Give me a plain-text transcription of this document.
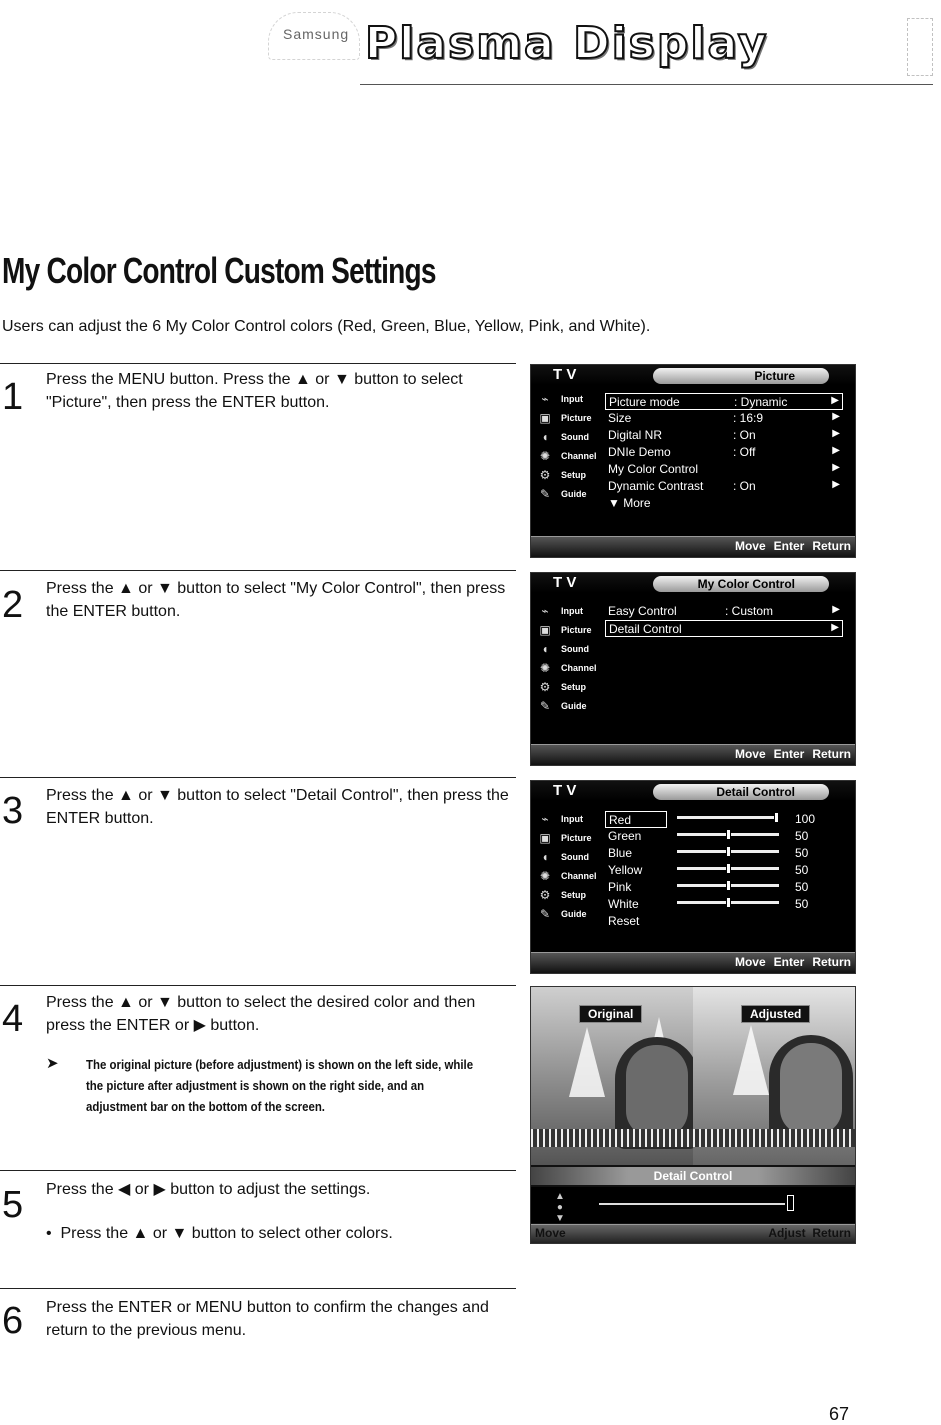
Samsung Plasma Display
My Color Control Custom Settings
Users can adjust the 6 My Color Control colors (Red, Green, Blue, Yellow, Pink, and White).
1 Press the MENU button. Press the ▲ or ▼ button to select "Picture", then press the ENTER button.
2 Press the ▲ or ▼ button to select "My Color Control", then press the ENTER button.
3 Press the ▲ or ▼ button to select "Detail Control", then press the ENTER button.
4 Press the ▲ or ▼ button to select the desired color and then press the ENTER or ▶ button.
➤ The original picture (before adjustment) is shown on the left side, while the picture after adjustment is shown on the right side, and an adjustment bar on the bottom of the screen.
5 Press the ◀ or ▶ button to adjust the settings.
•  Press the ▲ or ▼ button to select other colors.
6 Press the ENTER or MENU button to confirm the changes and return to the previous menu.
T V	Picture
⌁	Input
▣	Picture
◖	Sound
✺	Channel
⚙	Setup
✎	Guide
Picture mode	: Dynamic	▶
Size	: 16:9	▶
Digital NR	: On	▶
DNIe Demo	: Off	▶
My Color Control	▶
Dynamic Contrast : On	▶
▼ More
Move Enter Return
T V	My Color Control
⌁	Input
▣	Picture
◖	Sound
✺	Channel
⚙	Setup
✎	Guide
Easy Control	: Custom	▶
Detail Control	▶
Move Enter Return
T V	Detail Control
⌁	Input
▣	Picture
◖	Sound
✺	Channel
⚙	Setup
✎	Guide
Red	100
Green	50
Blue	50
Yellow	50
Pink	50
White	50
Reset
Move Enter Return
Original	Adjusted
Detail Control
▲
●
▼
Move	Adjust Return
67
